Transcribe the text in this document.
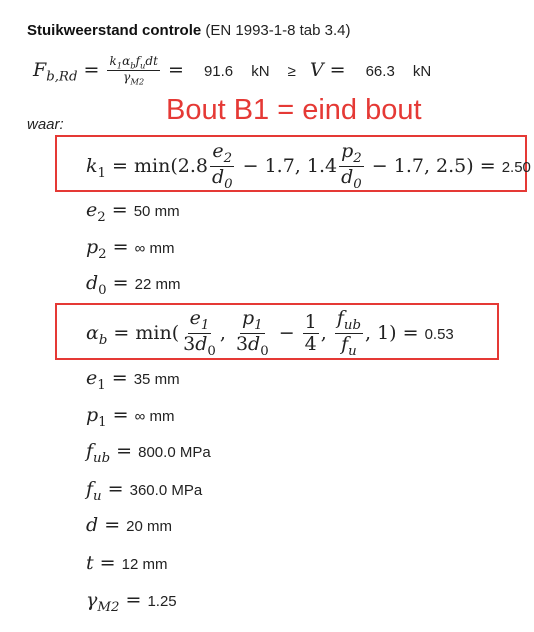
Stuikweerstand controle (EN 1993-1-8 tab 3.4)
$F_{b,Rd} = \frac{k_1\alpha_bf_udt}{\gamma_{M2}} = 91.6$ kN ≥ V = 66.3 kN
waar:	Bout B1 = eind bout
$k_1 = \min(2.8 \frac{e_2}{d_0} - 1.7$, $1.4 \frac{p_2}{d_0} - 1.7$, 2.5) = 2.50
$e_2 = 50$ mm
$p_2$ = ∞ mm
$d_0 = 22$ mm
$\alpha_b = \min( \frac{e_1}{3d_0}$ , $\frac{p_1}{3d_0} - \frac{1}{4}$ , $\frac{f_{ub}}{f_u}$ , 1) = 0.53
$e_1 = 35$ mm
$p_1$ = ∞ mm
$f_{ub} = 800.0$ MPa
$f_u = 360.0$ MPa
d = 20 mm
t = 12 mm
$\gamma_{M2} = 1.25$
